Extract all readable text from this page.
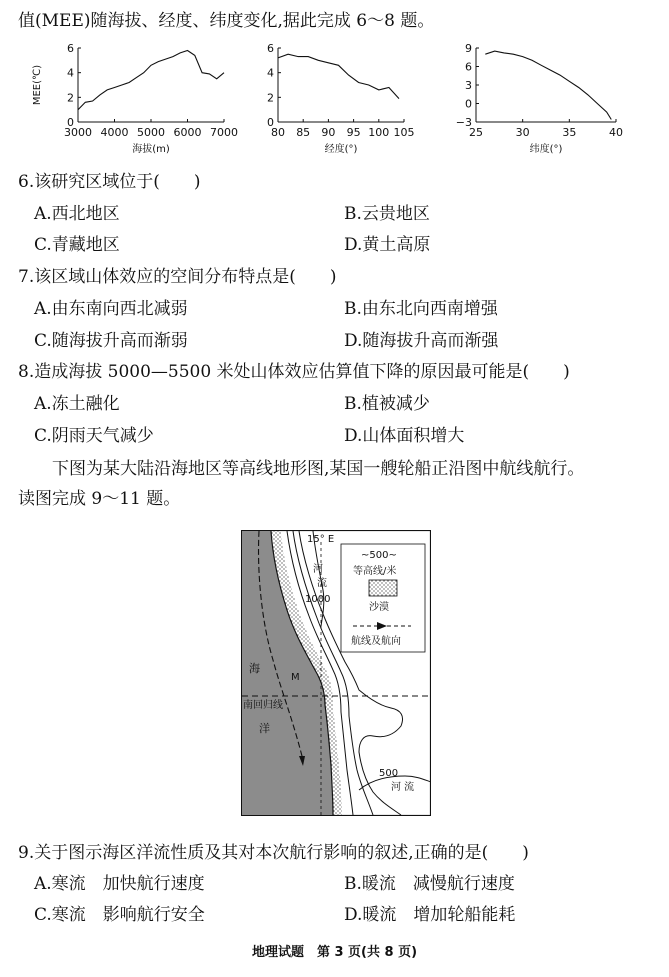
值(MEE)随海拔、经度、纬度变化,据此完成 6～8 题。
3000 4000 5000 6000 7000
0
2
4
6
海拔(m)
MEE(℃)
80 85 90 95 100 105
0
2
4
6
经度(°)
25	30	35	40
−3
0
3
6
9
纬度(°)
6.该研究区域位于(　　)
A.西北地区	B.云贵地区
C.青藏地区	D.黄土高原
7.该区域山体效应的空间分布特点是(　　)
A.由东南向西北减弱	B.由东北向西南增强
C.随海拔升高而渐弱	D.随海拔升高而渐强
8.造成海拔 5000—5500 米处山体效应估算值下降的原因最可能是(　　)
A.冻土融化	B.植被减少
C.阴雨天气减少	D.山体面积增大
下图为某大陆沿海地区等高线地形图,某国一艘轮船正沿图中航线航行。
读图完成 9～11 题。
15° E
~500~
等高线/米
沙漠
航线及航向
河
流
1000
海
M
南回归线
洋
500
河 流
9.关于图示海区洋流性质及其对本次航行影响的叙述,正确的是(　　)
A.寒流　加快航行速度	B.暖流　减慢航行速度
C.寒流　影响航行安全	D.暖流　增加轮船能耗
地理试题　第 3 页(共 8 页)
